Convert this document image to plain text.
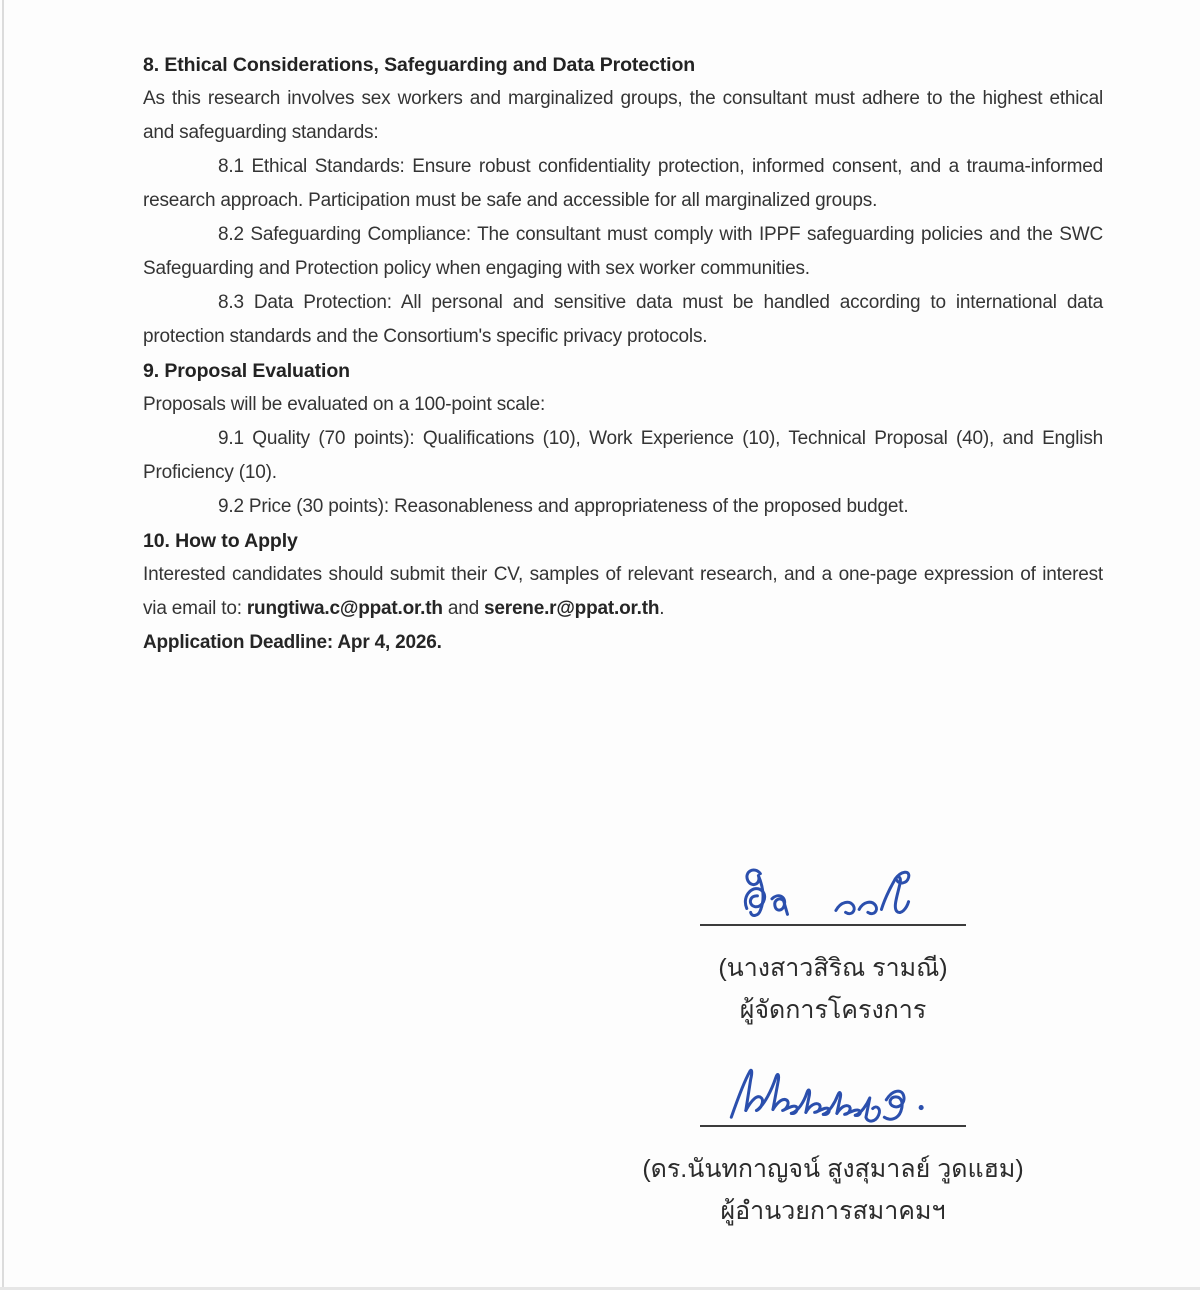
8. Ethical Considerations, Safeguarding and Data Protection

As this research involves sex workers and marginalized groups, the consultant must adhere to the highest ethical and safeguarding standards:

8.1 Ethical Standards: Ensure robust confidentiality protection, informed consent, and a trauma-informed research approach. Participation must be safe and accessible for all marginalized groups.

8.2 Safeguarding Compliance: The consultant must comply with IPPF safeguarding policies and the SWC Safeguarding and Protection policy when engaging with sex worker communities.

8.3 Data Protection: All personal and sensitive data must be handled according to international data protection standards and the Consortium's specific privacy protocols.

9. Proposal Evaluation

Proposals will be evaluated on a 100-point scale:

9.1 Quality (70 points): Qualifications (10), Work Experience (10), Technical Proposal (40), and English Proficiency (10).

9.2 Price (30 points): Reasonableness and appropriateness of the proposed budget.

10. How to Apply

Interested candidates should submit their CV, samples of relevant research, and a one-page expression of interest via email to: rungtiwa.c@ppat.or.th and serene.r@ppat.or.th.

Application Deadline: Apr 4, 2026.

(นางสาวสิริณ รามณี)
ผู้จัดการโครงการ
(ดร.นันทกาญจน์ สูงสุมาลย์ วูดแฮม)
ผู้อำนวยการสมาคมฯ
